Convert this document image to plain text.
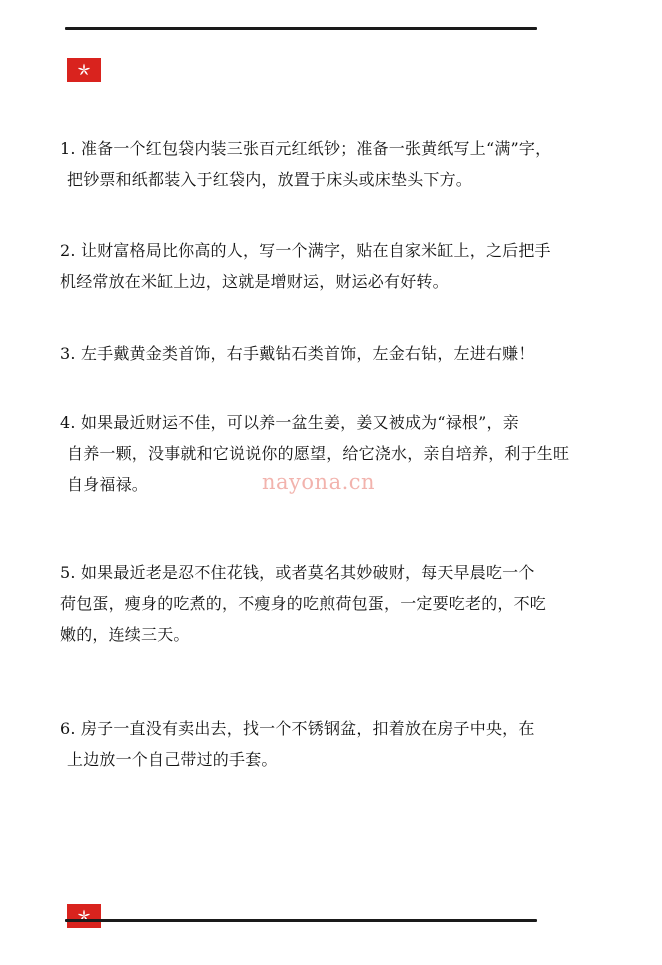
1. 准备一个红包袋内装三张百元红纸钞；准备一张黄纸写上“满”字，
把钞票和纸都装入于红袋内，放置于床头或床垫头下方。
2. 让财富格局比你高的人，写一个满字，贴在自家米缸上，之后把手
机经常放在米缸上边，这就是增财运，财运必有好转。
3. 左手戴黄金类首饰，右手戴钻石类首饰，左金右钻，左进右赚！
4. 如果最近财运不佳，可以养一盆生姜，姜又被成为“禄根”，亲
自养一颗，没事就和它说说你的愿望，给它浇水，亲自培养，利于生旺
自身福禄。
5. 如果最近老是忍不住花钱，或者莫名其妙破财，每天早晨吃一个
荷包蛋，瘦身的吃煮的，不瘦身的吃煎荷包蛋，一定要吃老的，不吃
嫩的，连续三天。
6. 房子一直没有卖出去，找一个不锈钢盆，扣着放在房子中央，在
上边放一个自己带过的手套。
nayona.cn
